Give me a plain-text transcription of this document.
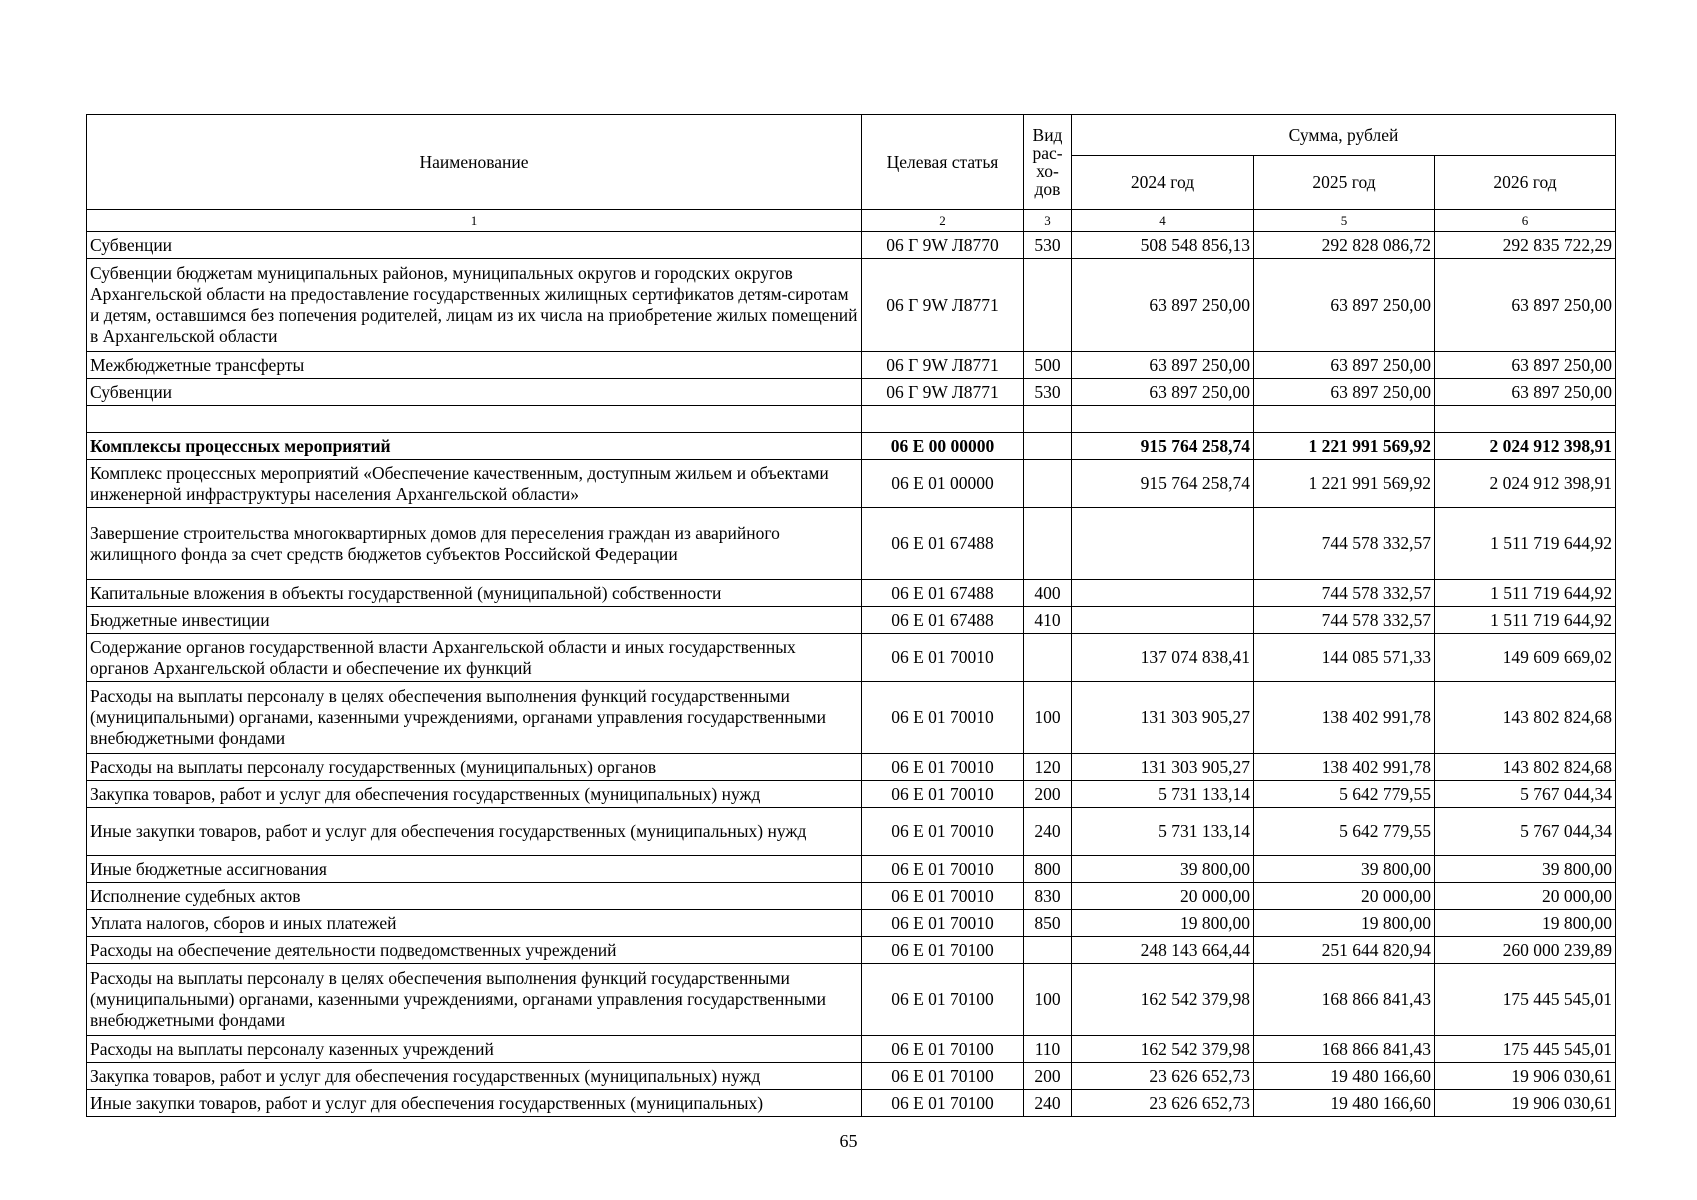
Наименование	Целевая статья	Вид
рас-
хо-
дов	Сумма, рублей		
			2024 год	2025 год	2026 год
1	2	3	4	5	6
Субвенции	06 Г 9W Л8770	530	508 548 856,13	292 828 086,72	292 835 722,29
Субвенции бюджетам муниципальных районов, муниципальных округов и городских округов Архангельской области на предоставление государственных жилищных сертификатов детям-сиротам и детям, оставшимся без попечения родителей, лицам из их числа на приобретение жилых помещений в Архангельской области	06 Г 9W Л8771		63 897 250,00	63 897 250,00	63 897 250,00
Межбюджетные трансферты	06 Г 9W Л8771	500	63 897 250,00	63 897 250,00	63 897 250,00
Субвенции	06 Г 9W Л8771	530	63 897 250,00	63 897 250,00	63 897 250,00

Комплексы процессных мероприятий	06 Е 00 00000		915 764 258,74	1 221 991 569,92	2 024 912 398,91
Комплекс процессных мероприятий «Обеспечение качественным, доступным жильем и объектами инженерной инфраструктуры населения Архангельской области»	06 Е 01 00000		915 764 258,74	1 221 991 569,92	2 024 912 398,91
Завершение строительства многоквартирных домов для переселения граждан из аварийного жилищного фонда за счет средств бюджетов субъектов Российской Федерации	06 Е 01 67488			744 578 332,57	1 511 719 644,92
Капитальные вложения в объекты государственной (муниципальной) собственности	06 Е 01 67488	400		744 578 332,57	1 511 719 644,92
Бюджетные инвестиции	06 Е 01 67488	410		744 578 332,57	1 511 719 644,92
Содержание органов государственной власти Архангельской области и иных государственных органов Архангельской области и обеспечение их функций	06 Е 01 70010		137 074 838,41	144 085 571,33	149 609 669,02
Расходы на выплаты персоналу в целях обеспечения выполнения функций государственными (муниципальными) органами, казенными учреждениями, органами управления государственными внебюджетными фондами	06 Е 01 70010	100	131 303 905,27	138 402 991,78	143 802 824,68
Расходы на выплаты персоналу государственных (муниципальных) органов	06 Е 01 70010	120	131 303 905,27	138 402 991,78	143 802 824,68
Закупка товаров, работ и услуг для обеспечения государственных (муниципальных) нужд	06 Е 01 70010	200	5 731 133,14	5 642 779,55	5 767 044,34
Иные закупки товаров, работ и услуг для обеспечения государственных (муниципальных) нужд	06 Е 01 70010	240	5 731 133,14	5 642 779,55	5 767 044,34
Иные бюджетные ассигнования	06 Е 01 70010	800	39 800,00	39 800,00	39 800,00
Исполнение судебных актов	06 Е 01 70010	830	20 000,00	20 000,00	20 000,00
Уплата налогов, сборов и иных платежей	06 Е 01 70010	850	19 800,00	19 800,00	19 800,00
Расходы на обеспечение деятельности подведомственных учреждений	06 Е 01 70100		248 143 664,44	251 644 820,94	260 000 239,89
Расходы на выплаты персоналу в целях обеспечения выполнения функций государственными (муниципальными) органами, казенными учреждениями, органами управления государственными внебюджетными фондами	06 Е 01 70100	100	162 542 379,98	168 866 841,43	175 445 545,01
Расходы на выплаты персоналу казенных учреждений	06 Е 01 70100	110	162 542 379,98	168 866 841,43	175 445 545,01
Закупка товаров, работ и услуг для обеспечения государственных (муниципальных) нужд	06 Е 01 70100	200	23 626 652,73	19 480 166,60	19 906 030,61
Иные закупки товаров, работ и услуг для обеспечения государственных (муниципальных)	06 Е 01 70100	240	23 626 652,73	19 480 166,60	19 906 030,61
65
